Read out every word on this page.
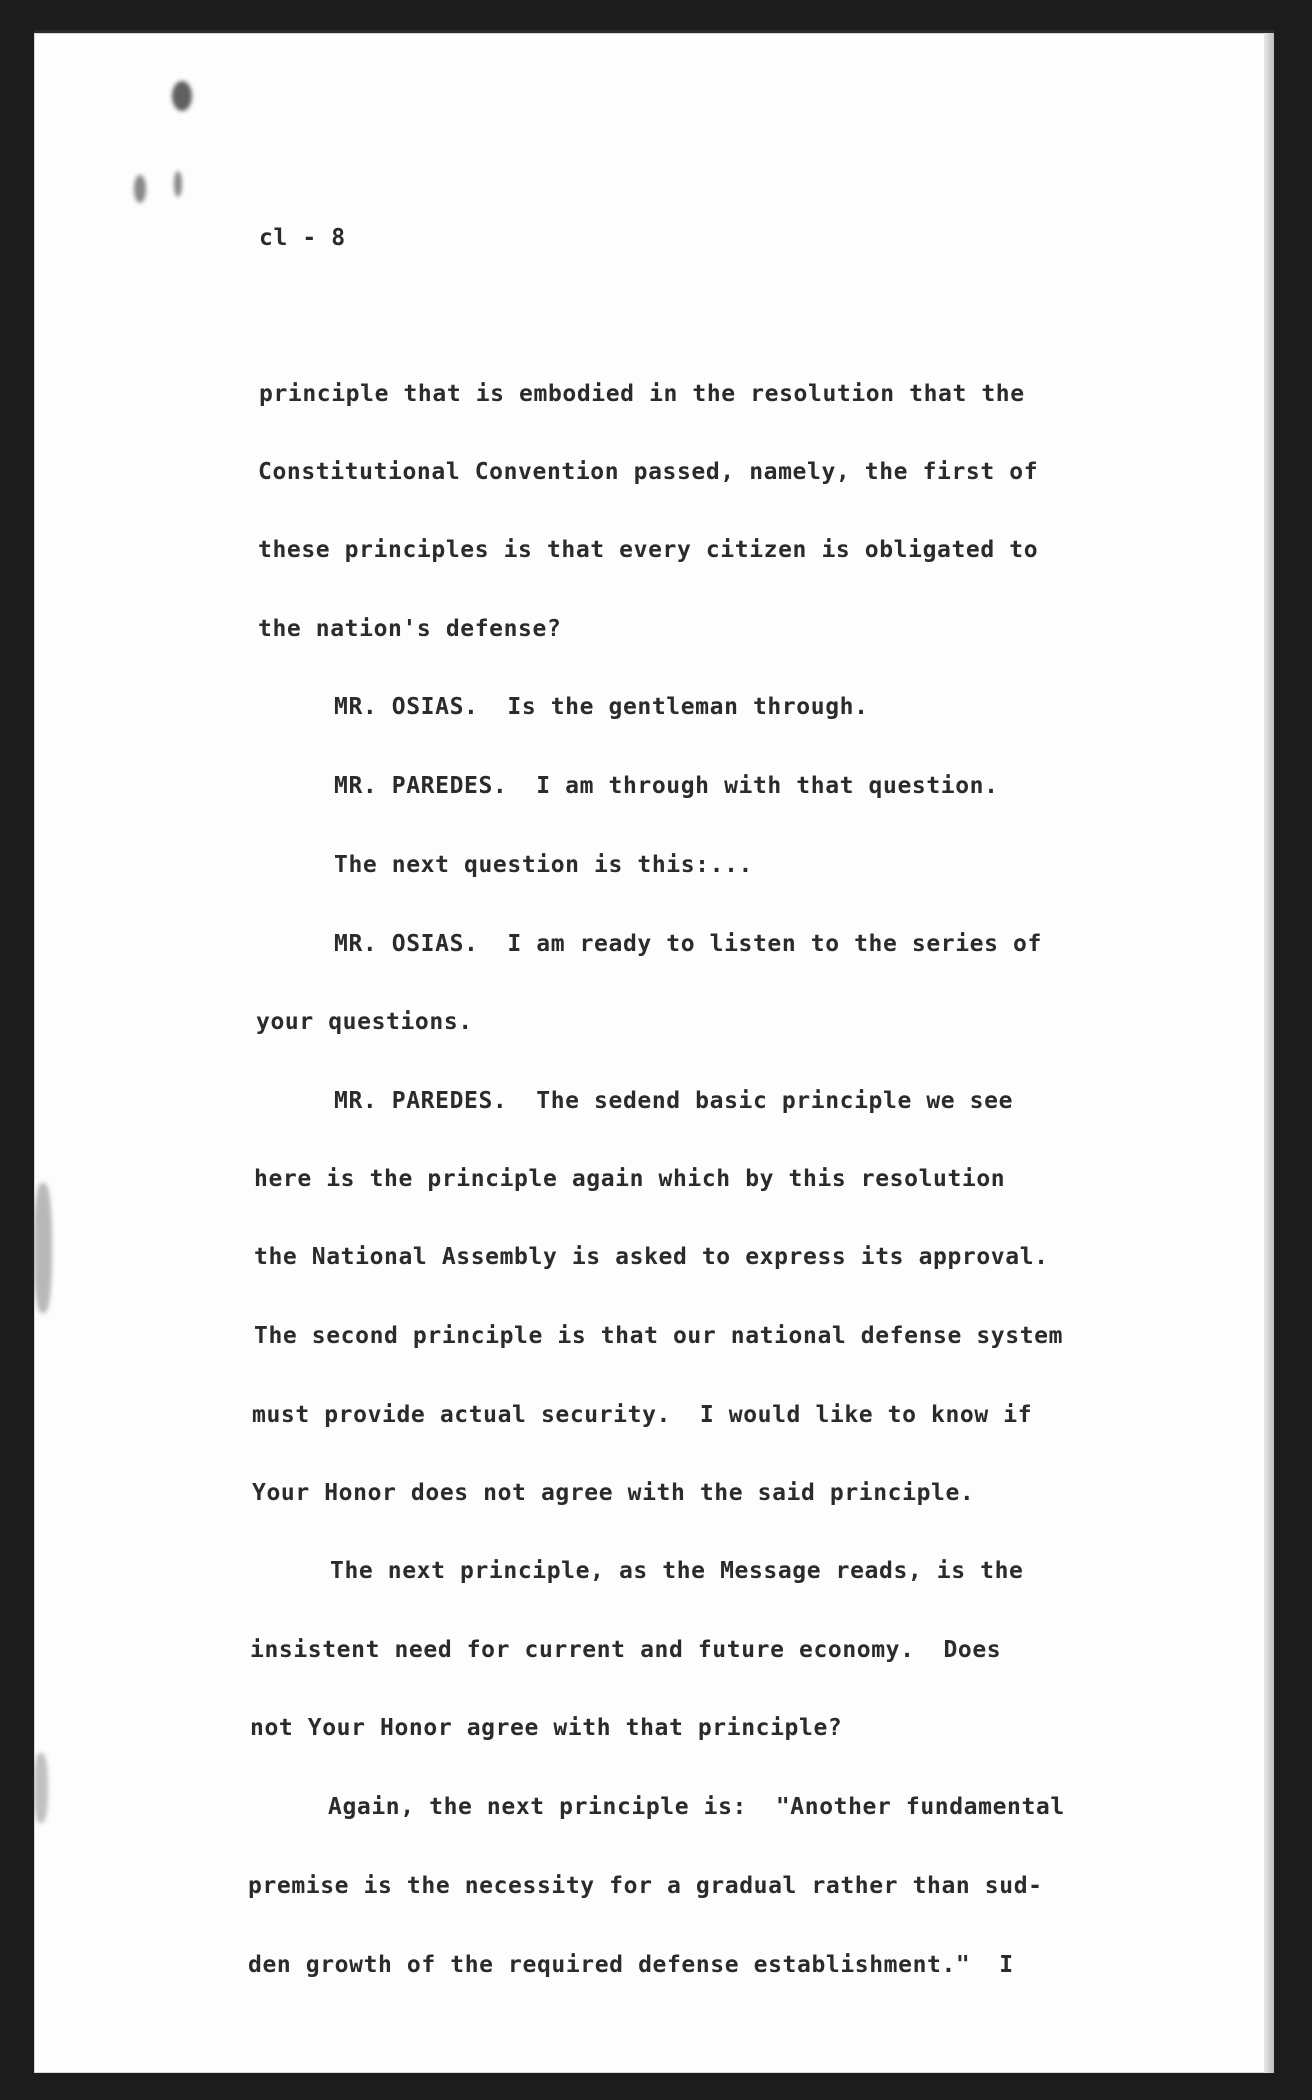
cl - 8
principle that is embodied in the resolution that the
Constitutional Convention passed, namely, the first of
these principles is that every citizen is obligated to
the nation's defense?
MR. OSIAS.  Is the gentleman through.
MR. PAREDES.  I am through with that question.
The next question is this:...
MR. OSIAS.  I am ready to listen to the series of
your questions.
MR. PAREDES.  The sedend basic principle we see
here is the principle again which by this resolution
the National Assembly is asked to express its approval.
The second principle is that our national defense system
must provide actual security.  I would like to know if
Your Honor does not agree with the said principle.
The next principle, as the Message reads, is the
insistent need for current and future economy.  Does
not Your Honor agree with that principle?
Again, the next principle is:  "Another fundamental
premise is the necessity for a gradual rather than sud-
den growth of the required defense establishment."  I
